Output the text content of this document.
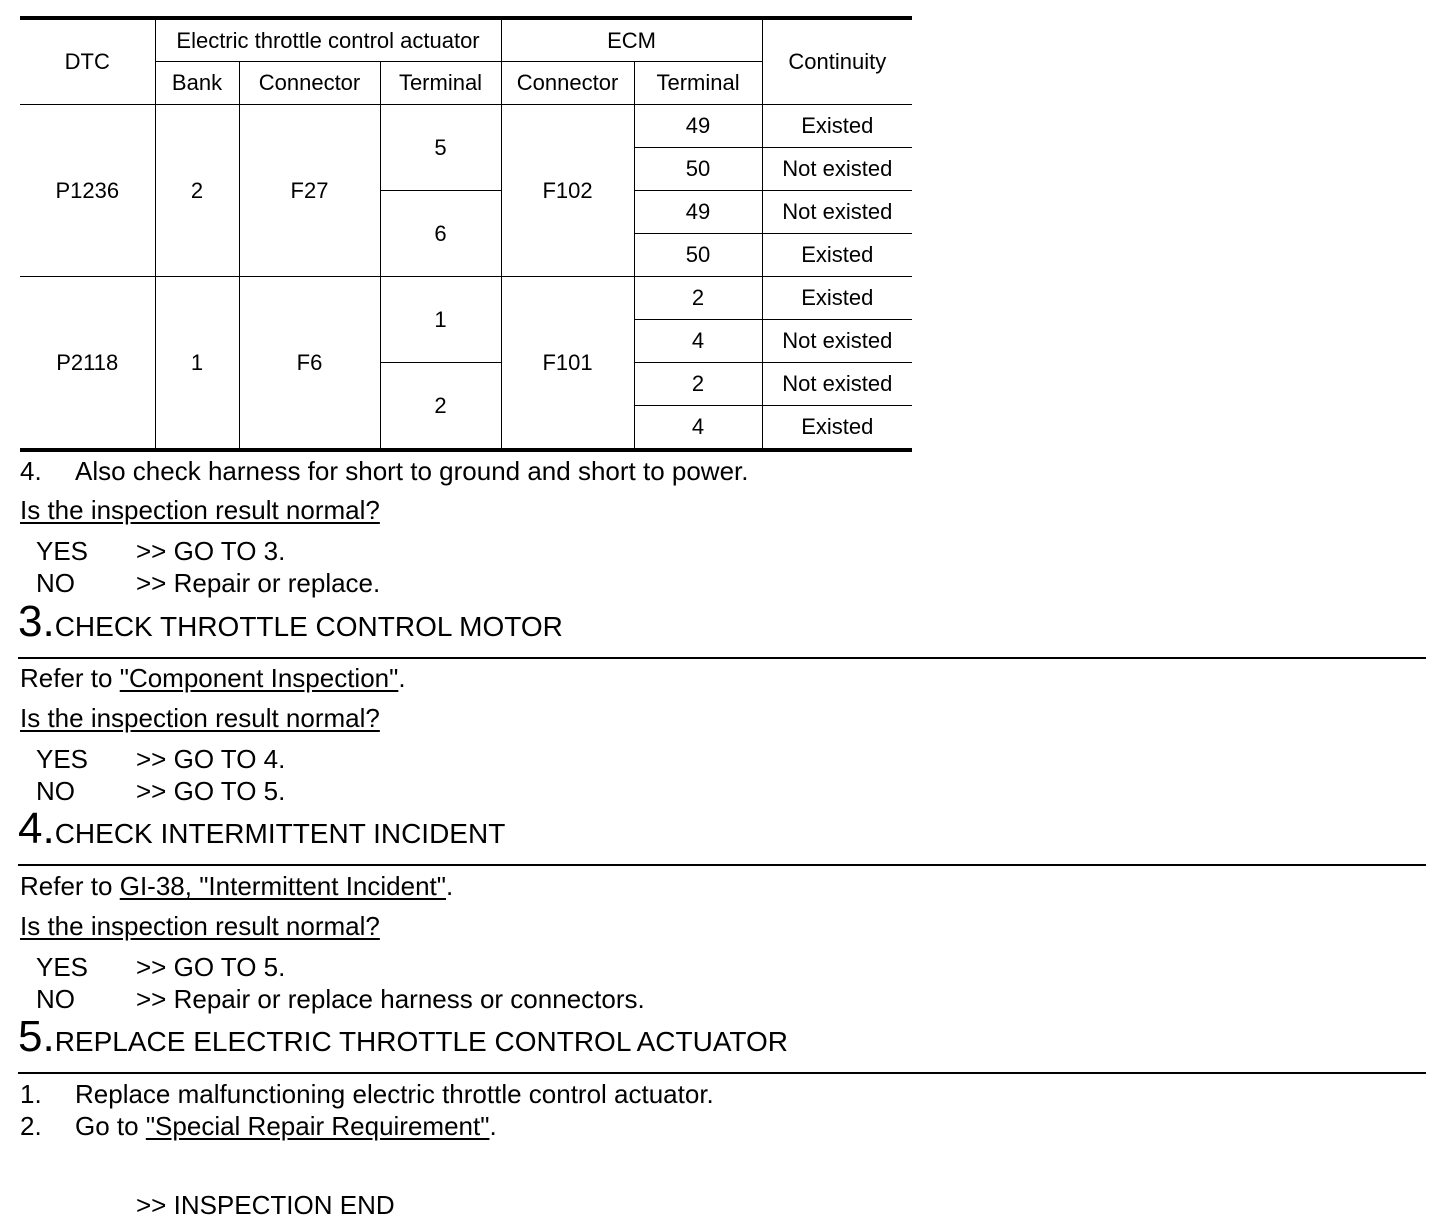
DTC	Electric throttle control actuator			ECM		Continuity
	Bank	Connector	Terminal	Connector	Terminal	
P1236	2	F27	5	F102	49	Existed
					50	Not existed
			6		49	Not existed
					50	Existed
P2118	1	F6	1	F101	2	Existed
					4	Not existed
			2		2	Not existed
					4	Existed
4. Also check harness for short to ground and short to power.
Is the inspection result normal?
YES >> GO TO 3.
NO >> Repair or replace.
3.CHECK THROTTLE CONTROL MOTOR
Refer to "Component Inspection".
Is the inspection result normal?
YES >> GO TO 4.
NO >> GO TO 5.
4.CHECK INTERMITTENT INCIDENT
Refer to GI-38, "Intermittent Incident".
Is the inspection result normal?
YES >> GO TO 5.
NO >> Repair or replace harness or connectors.
5.REPLACE ELECTRIC THROTTLE CONTROL ACTUATOR
1. Replace malfunctioning electric throttle control actuator.
2. Go to "Special Repair Requirement".
>> INSPECTION END
